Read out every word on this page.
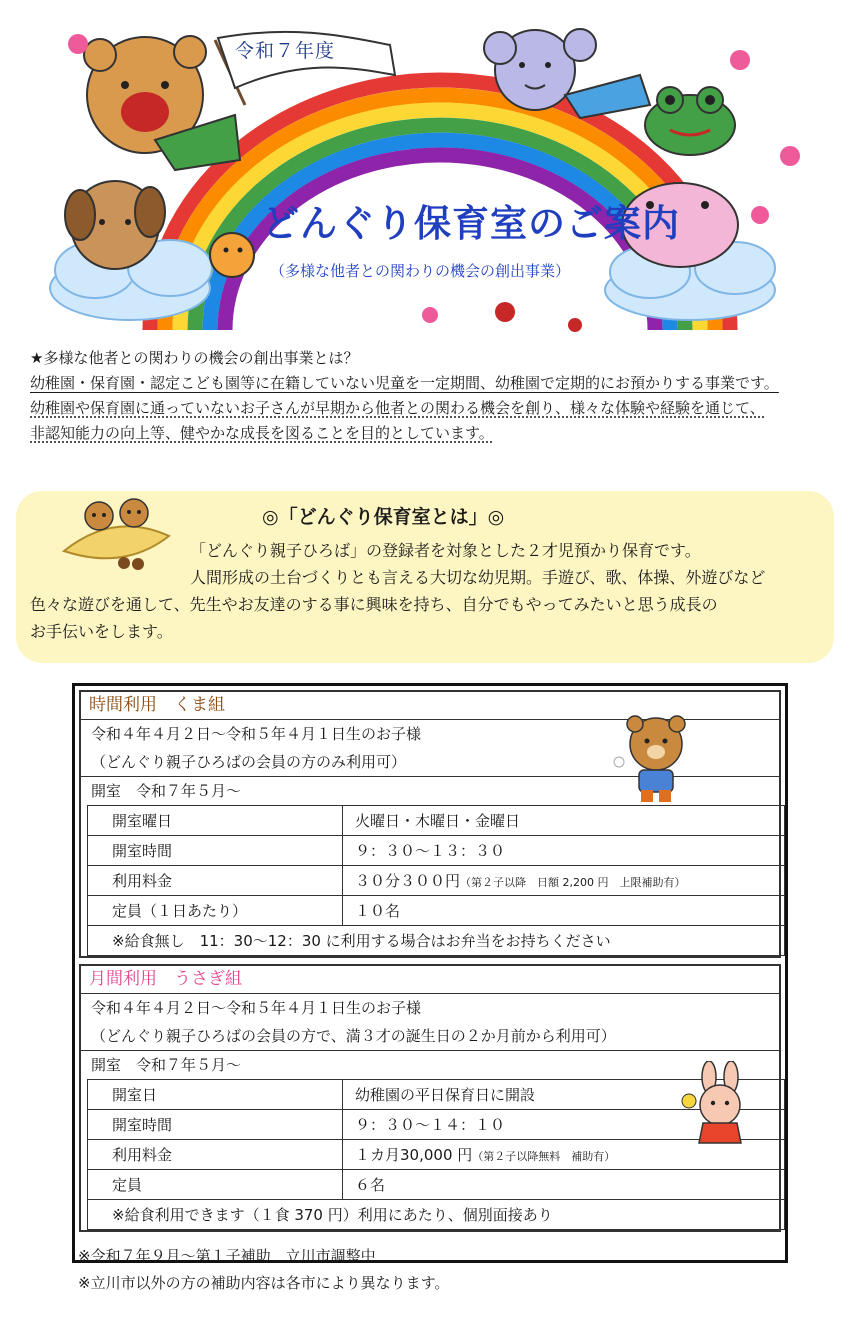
令和７年度
どんぐり保育室のご案内
（多様な他者との関わりの機会の創出事業）
★多様な他者との関わりの機会の創出事業とは？
幼稚園・保育園・認定こども園等に在籍していない児童を一定期間、幼稚園で定期的にお預かりする事業です。
幼稚園や保育園に通っていないお子さんが早期から他者との関わる機会を創り、様々な体験や経験を通じて、
非認知能力の向上等、健やかな成長を図ることを目的としています。
◎「どんぐり保育室とは」◎

「どんぐり親子ひろば」の登録者を対象とした２才児預かり保育です。

人間形成の土台づくりとも言える大切な幼児期。手遊び、歌、体操、外遊びなど

色々な遊びを通して、先生やお友達のする事に興味を持ち、自分でもやってみたいと思う成長の

お手伝いをします。

時間利用　くま組
令和４年４月２日〜令和５年４月１日生のお子様
（どんぐり親子ひろばの会員の方のみ利用可）
開室　令和７年５月〜
開室曜日	火曜日・木曜日・金曜日
開室時間	９：３０〜１３：３０
利用料金	３０分３００円（第２子以降　日額 2,200 円　上限補助有）
定員（１日あたり）	１０名
※給食無し　11：30〜12：30 に利用する場合はお弁当をお持ちください	
月間利用　うさぎ組
令和４年４月２日〜令和５年４月１日生のお子様
（どんぐり親子ひろばの会員の方で、満３才の誕生日の２か月前から利用可）
開室　令和７年５月〜
開室日	幼稚園の平日保育日に開設
開室時間	９：３０〜１４：１０
利用料金	１カ月30,000 円（第２子以降無料　補助有）
定員	６名
※給食利用できます（１食 370 円）利用にあたり、個別面接あり	
※令和７年９月〜第１子補助　立川市調整中
※立川市以外の方の補助内容は各市により異なります。
